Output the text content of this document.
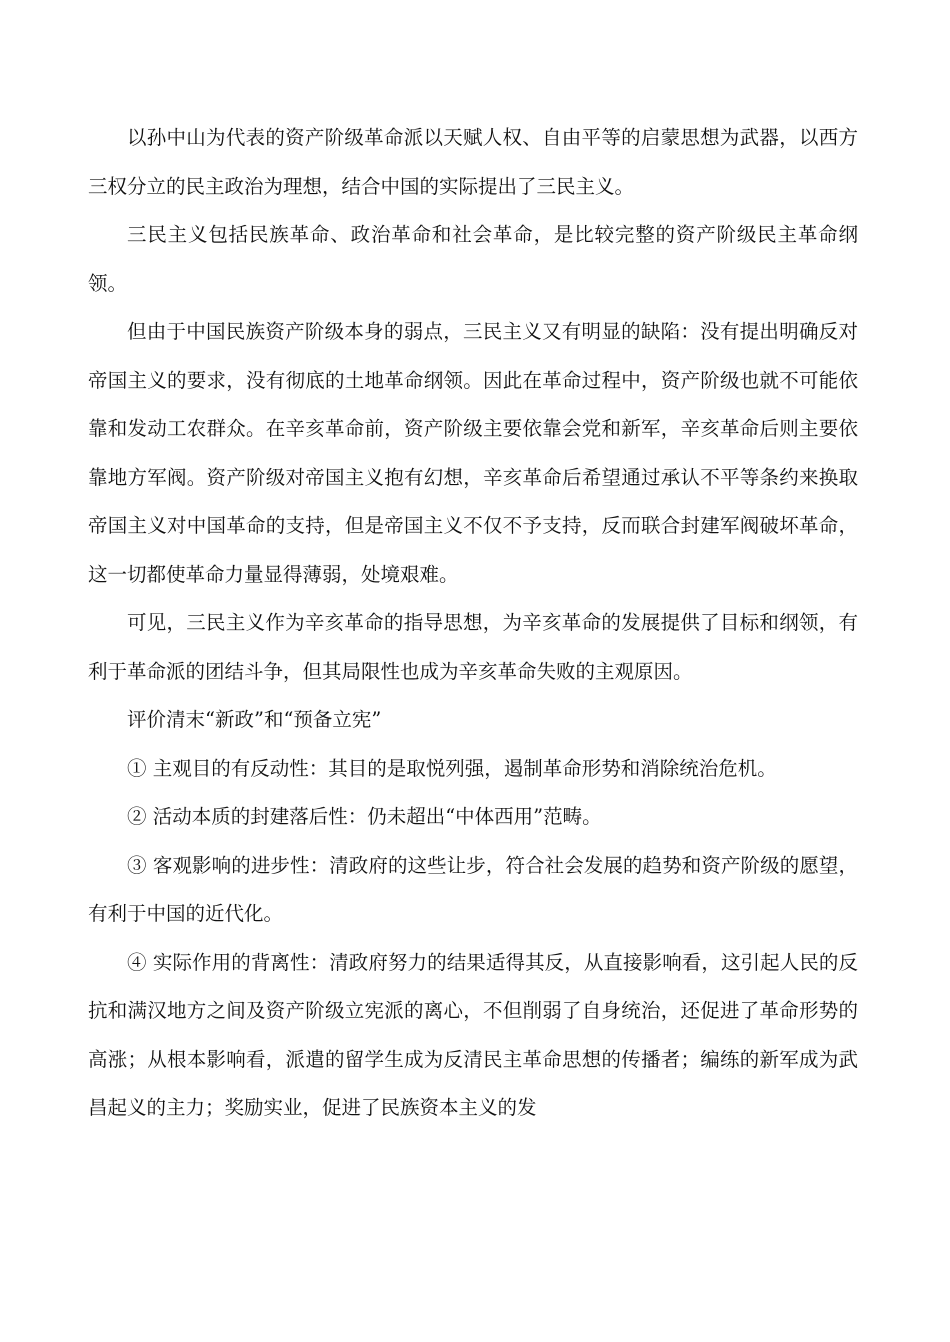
以孙中山为代表的资产阶级革命派以天赋人权、自由平等的启蒙思想为武器，以西方三权分立的民主政治为理想，结合中国的实际提出了三民主义。

三民主义包括民族革命、政治革命和社会革命，是比较完整的资产阶级民主革命纲领。

但由于中国民族资产阶级本身的弱点，三民主义又有明显的缺陷：没有提出明确反对帝国主义的要求，没有彻底的土地革命纲领。因此在革命过程中，资产阶级也就不可能依靠和发动工农群众。在辛亥革命前，资产阶级主要依靠会党和新军，辛亥革命后则主要依靠地方军阀。资产阶级对帝国主义抱有幻想，辛亥革命后希望通过承认不平等条约来换取帝国主义对中国革命的支持，但是帝国主义不仅不予支持，反而联合封建军阀破坏革命，这一切都使革命力量显得薄弱，处境艰难。

可见，三民主义作为辛亥革命的指导思想，为辛亥革命的发展提供了目标和纲领，有利于革命派的团结斗争，但其局限性也成为辛亥革命失败的主观原因。

评价清末“新政”和“预备立宪”

① 主观目的有反动性：其目的是取悦列强，遏制革命形势和消除统治危机。

② 活动本质的封建落后性：仍未超出“中体西用”范畴。

③ 客观影响的进步性：清政府的这些让步，符合社会发展的趋势和资产阶级的愿望，有利于中国的近代化。

④ 实际作用的背离性：清政府努力的结果适得其反，从直接影响看，这引起人民的反抗和满汉地方之间及资产阶级立宪派的离心，不但削弱了自身统治，还促进了革命形势的高涨；从根本影响看，派遣的留学生成为反清民主革命思想的传播者；编练的新军成为武昌起义的主力；奖励实业，促进了民族资本主义的发
